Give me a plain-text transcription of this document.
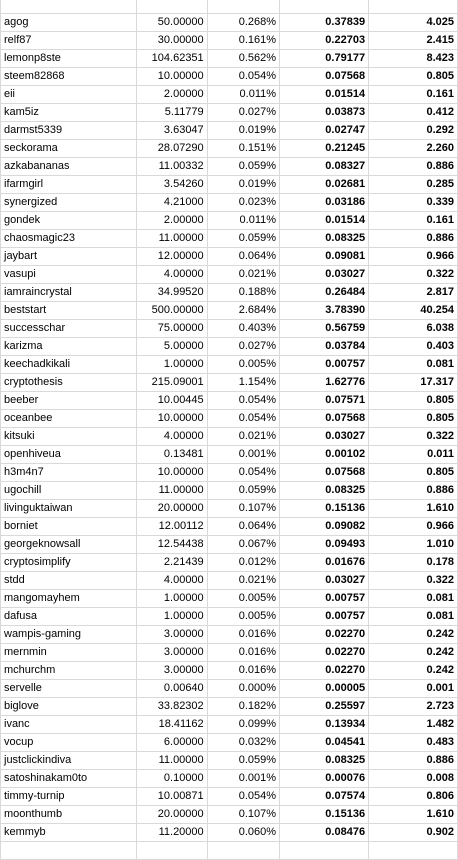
agog	50.00000	0.268%	0.37839	4.025
relf87	30.00000	0.161%	0.22703	2.415
lemonp8ste	104.62351	0.562%	0.79177	8.423
steem82868	10.00000	0.054%	0.07568	0.805
eii	2.00000	0.011%	0.01514	0.161
kam5iz	5.11779	0.027%	0.03873	0.412
darmst5339	3.63047	0.019%	0.02747	0.292
seckorama	28.07290	0.151%	0.21245	2.260
azkabananas	11.00332	0.059%	0.08327	0.886
ifarmgirl	3.54260	0.019%	0.02681	0.285
synergized	4.21000	0.023%	0.03186	0.339
gondek	2.00000	0.011%	0.01514	0.161
chaosmagic23	11.00000	0.059%	0.08325	0.886
jaybart	12.00000	0.064%	0.09081	0.966
vasupi	4.00000	0.021%	0.03027	0.322
iamraincrystal	34.99520	0.188%	0.26484	2.817
beststart	500.00000	2.684%	3.78390	40.254
successchar	75.00000	0.403%	0.56759	6.038
karizma	5.00000	0.027%	0.03784	0.403
keechadkikali	1.00000	0.005%	0.00757	0.081
cryptothesis	215.09001	1.154%	1.62776	17.317
beeber	10.00445	0.054%	0.07571	0.805
oceanbee	10.00000	0.054%	0.07568	0.805
kitsuki	4.00000	0.021%	0.03027	0.322
openhiveua	0.13481	0.001%	0.00102	0.011
h3m4n7	10.00000	0.054%	0.07568	0.805
ugochill	11.00000	0.059%	0.08325	0.886
livinguktaiwan	20.00000	0.107%	0.15136	1.610
borniet	12.00112	0.064%	0.09082	0.966
georgeknowsall	12.54438	0.067%	0.09493	1.010
cryptosimplify	2.21439	0.012%	0.01676	0.178
stdd	4.00000	0.021%	0.03027	0.322
mangomayhem	1.00000	0.005%	0.00757	0.081
dafusa	1.00000	0.005%	0.00757	0.081
wampis-gaming	3.00000	0.016%	0.02270	0.242
mernmin	3.00000	0.016%	0.02270	0.242
mchurchm	3.00000	0.016%	0.02270	0.242
servelle	0.00640	0.000%	0.00005	0.001
biglove	33.82302	0.182%	0.25597	2.723
ivanc	18.41162	0.099%	0.13934	1.482
vocup	6.00000	0.032%	0.04541	0.483
justclickindiva	11.00000	0.059%	0.08325	0.886
satoshinakam0to	0.10000	0.001%	0.00076	0.008
timmy-turnip	10.00871	0.054%	0.07574	0.806
moonthumb	20.00000	0.107%	0.15136	1.610
kemmyb	11.20000	0.060%	0.08476	0.902
